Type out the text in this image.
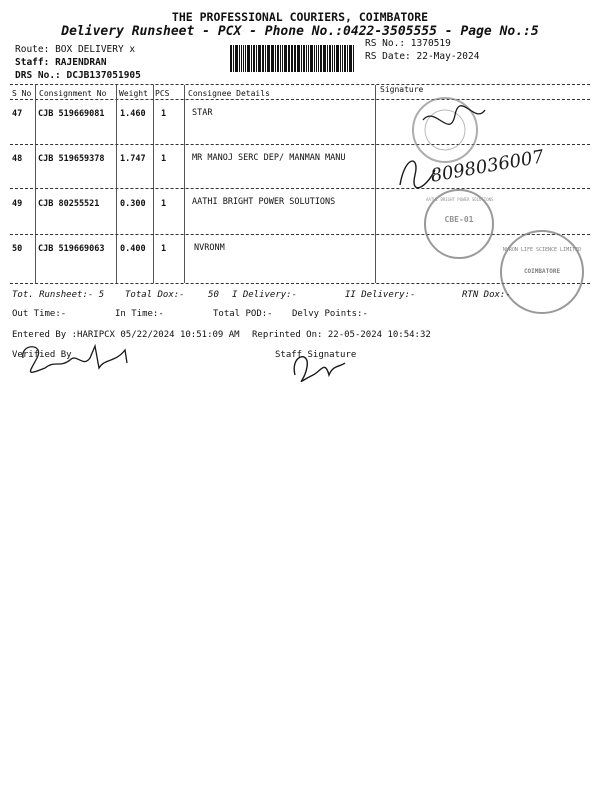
THE PROFESSIONAL COURIERS, COIMBATORE
Delivery Runsheet - PCX - Phone No.:0422-3505555 - Page No.:5
Route: BOX DELIVERY x
Staff: RAJENDRAN
DRS No.: DCJB137051905
RS No.: 1370519
RS Date: 22-May-2024
S No Consignment No Weight PCS Consignee Details	Signature
47 CJB 519669081 1.460 1	STAR
48 CJB 519659378 1.747 1	MR MANOJ SERC DEP/ MANMAN MANU
49 CJB 80255521 0.300 1	AATHI BRIGHT POWER SOLUTIONS
50 CJB 519669063 0.400 1	NVRONM
8098036007
AATHI BRIGHT POWER SOLUTIONS
CBE-01
NVRON LIFE SCIENCE LIMITED
COIMBATORE
Tot. Runsheet:- 5 Total Dox:-	50 I Delivery:-	II Delivery:-	RTN Dox:-
Out Time:-	In Time:-	Total POD:- Delvy Points:-
Entered By :HARIPCX 05/22/2024 10:51:09 AM Reprinted On: 22-05-2024 10:54:32
Verified By	Staff Signature
